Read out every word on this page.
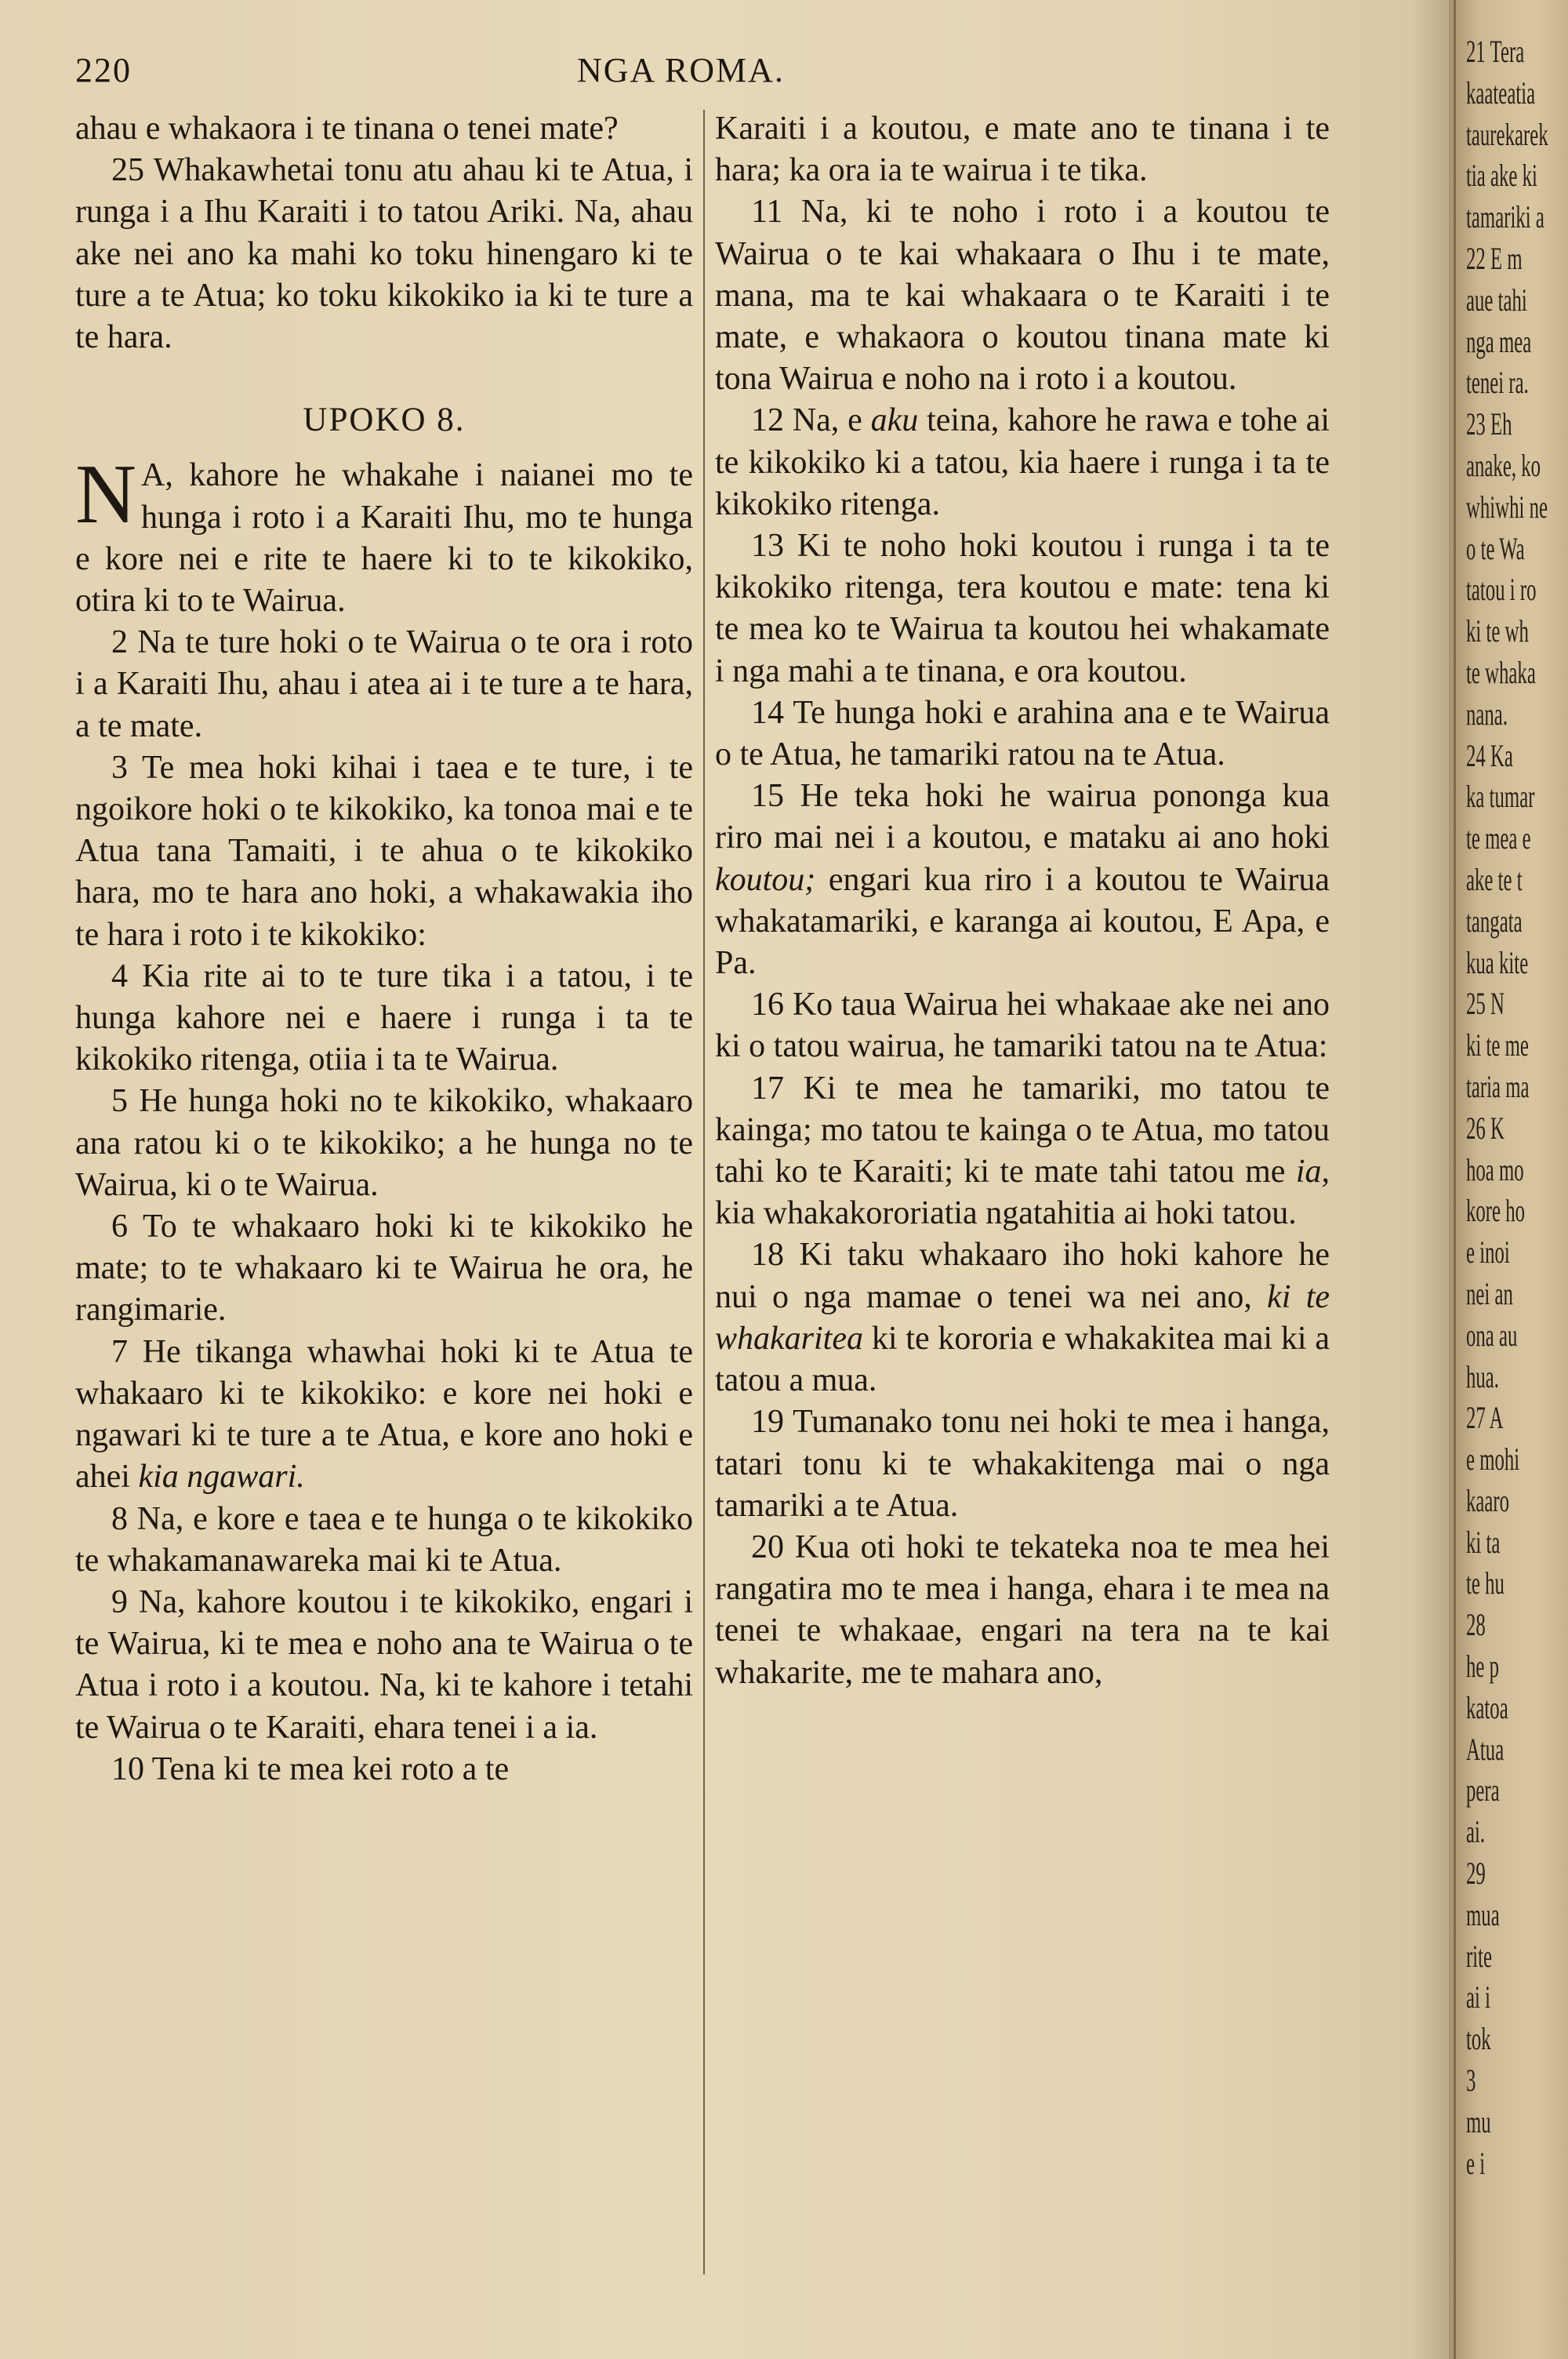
220	NGA ROMA.

ahau e whakaora i te tinana o tenei mate?

25 Whakawhetai tonu atu ahau ki te Atua, i runga i a Ihu Karaiti i to tatou Ariki. Na, ahau ake nei ano ka mahi ko toku hinengaro ki te ture a te Atua; ko toku kikokiko ia ki te ture a te hara.

UPOKO 8.

N A, kahore he whakahe i naianei mo te hunga i roto i a Karaiti Ihu, mo te hunga e kore nei e rite te haere ki to te kikokiko, otira ki to te Wairua.

2 Na te ture hoki o te Wairua o te ora i roto i a Karaiti Ihu, ahau i atea ai i te ture a te hara, a te mate.

3 Te mea hoki kihai i taea e te ture, i te ngoikore hoki o te kikokiko, ka tonoa mai e te Atua tana Tamaiti, i te ahua o te kikokiko hara, mo te hara ano hoki, a whakawakia iho te hara i roto i te kikokiko:

4 Kia rite ai to te ture tika i a tatou, i te hunga kahore nei e haere i runga i ta te kikokiko ritenga, otiia i ta te Wairua.

5 He hunga hoki no te kikokiko, whakaaro ana ratou ki o te kikokiko; a he hunga no te Wairua, ki o te Wairua.

6 To te whakaaro hoki ki te kikokiko he mate; to te whakaaro ki te Wairua he ora, he rangimarie.

7 He tikanga whawhai hoki ki te Atua te whakaaro ki te kikokiko: e kore nei hoki e ngawari ki te ture a te Atua, e kore ano hoki e ahei kia ngawari.

8 Na, e kore e taea e te hunga o te kikokiko te whakamanawareka mai ki te Atua.

9 Na, kahore koutou i te kikokiko, engari i te Wairua, ki te mea e noho ana te Wairua o te Atua i roto i a koutou. Na, ki te kahore i tetahi te Wairua o te Karaiti, ehara tenei i a ia.

10 Tena ki te mea kei roto a te

Karaiti i a koutou, e mate ano te tinana i te hara; ka ora ia te wairua i te tika.

11 Na, ki te noho i roto i a koutou te Wairua o te kai whakaara o Ihu i te mate, mana, ma te kai whakaara o te Karaiti i te mate, e whakaora o koutou tinana mate ki tona Wairua e noho na i roto i a koutou.

12 Na, e aku teina, kahore he rawa e tohe ai te kikokiko ki a tatou, kia haere i runga i ta te kikokiko ritenga.

13 Ki te noho hoki koutou i runga i ta te kikokiko ritenga, tera koutou e mate: tena ki te mea ko te Wairua ta koutou hei whakamate i nga mahi a te tinana, e ora koutou.

14 Te hunga hoki e arahina ana e te Wairua o te Atua, he tamariki ratou na te Atua.

15 He teka hoki he wairua pononga kua riro mai nei i a koutou, e mataku ai ano hoki koutou; engari kua riro i a koutou te Wairua whakatamariki, e karanga ai koutou, E Apa, e Pa.

16 Ko taua Wairua hei whakaae ake nei ano ki o tatou wairua, he tamariki tatou na te Atua:

17 Ki te mea he tamariki, mo tatou te kainga; mo tatou te kainga o te Atua, mo tatou tahi ko te Karaiti; ki te mate tahi tatou me ia, kia whakakororiatia ngatahitia ai hoki tatou.

18 Ki taku whakaaro iho hoki kahore he nui o nga mamae o tenei wa nei ano, ki te whakaritea ki te kororia e whakakitea mai ki a tatou a mua.

19 Tumanako tonu nei hoki te mea i hanga, tatari tonu ki te whakakitenga mai o nga tamariki a te Atua.

20 Kua oti hoki te tekateka noa te mea hei rangatira mo te mea i hanga, ehara i te mea na tenei te whakaae, engari na tera na te kai whakarite, me te mahara ano,

21 Tera
kaateatia
taurekarek
tia ake ki
tamariki a
22 E m
aue tahi
nga mea
tenei ra.
23 Eh
anake, ko
whiwhi ne
o te Wa
tatou i ro
ki te wh
te whaka
nana.
24 Ka
ka tumar
te mea e
ake te t
tangata
kua kite
25 N
ki te me
taria ma
26 K
hoa mo
kore ho
e inoi
nei an
ona au
hua.
27 A
e mohi
kaaro
ki ta
te hu
28
he p
katoa
Atua
pera
ai.
29
mua
rite
ai i
tok
3
mu
e i
